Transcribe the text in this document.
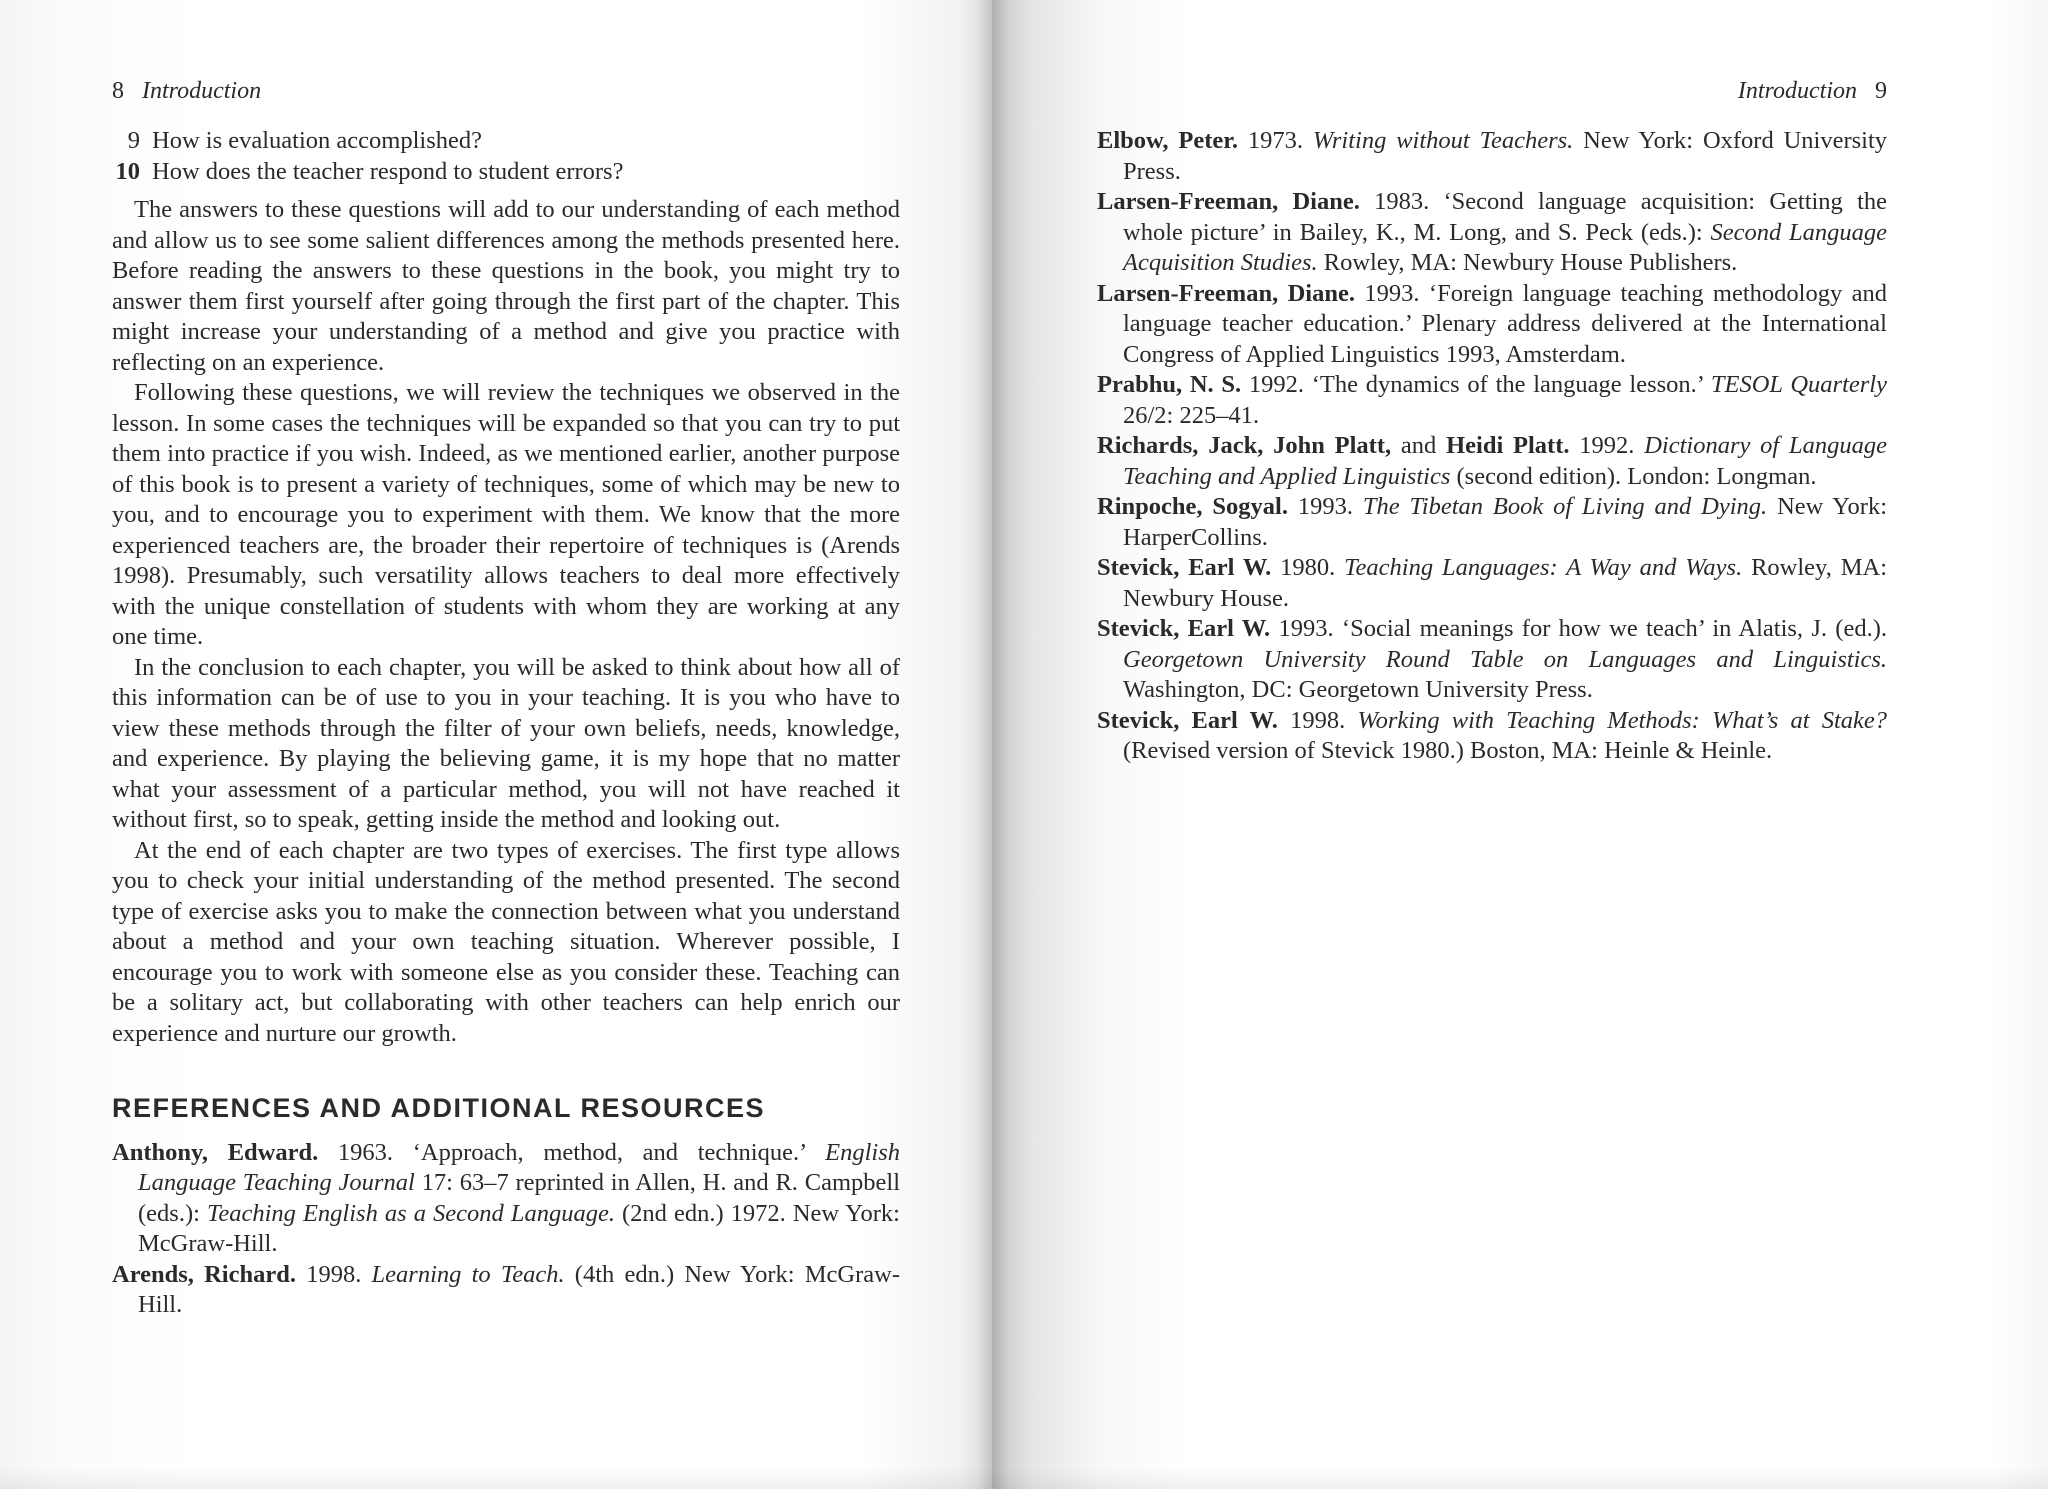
8 Introduction
9 How is evaluation accomplished?
10 How does the teacher respond to student errors?

The answers to these questions will add to our understanding of each method and allow us to see some salient differences among the methods presented here. Before reading the answers to these questions in the book, you might try to answer them first yourself after going through the first part of the chapter. This might increase your understanding of a method and give you practice with reflecting on an experience.

Following these questions, we will review the techniques we observed in the lesson. In some cases the techniques will be expanded so that you can try to put them into practice if you wish. Indeed, as we mentioned earlier, another purpose of this book is to present a variety of techniques, some of which may be new to you, and to encourage you to experiment with them. We know that the more experienced teachers are, the broader their repertoire of techniques is (Arends 1998). Presumably, such versatility allows teachers to deal more effectively with the unique constellation of students with whom they are working at any one time.

In the conclusion to each chapter, you will be asked to think about how all of this information can be of use to you in your teaching. It is you who have to view these methods through the filter of your own beliefs, needs, knowledge, and experience. By playing the believing game, it is my hope that no matter what your assessment of a particular method, you will not have reached it without first, so to speak, getting inside the method and looking out.

At the end of each chapter are two types of exercises. The first type allows you to check your initial understanding of the method presented. The second type of exercise asks you to make the connection between what you understand about a method and your own teaching situation. Wherever possible, I encourage you to work with someone else as you consider these. Teaching can be a solitary act, but collaborating with other teachers can help enrich our experience and nurture our growth.

REFERENCES AND ADDITIONAL RESOURCES

Anthony, Edward. 1963. ‘Approach, method, and technique.’ English Language Teaching Journal 17: 63–7 reprinted in Allen, H. and R. Campbell (eds.): Teaching English as a Second Language. (2nd edn.) 1972. New York: McGraw-Hill.

Arends, Richard. 1998. Learning to Teach. (4th edn.) New York: McGraw-Hill.

Introduction 9

Elbow, Peter. 1973. Writing without Teachers. New York: Oxford University Press.

Larsen-Freeman, Diane. 1983. ‘Second language acquisition: Getting the whole picture’ in Bailey, K., M. Long, and S. Peck (eds.): Second Language Acquisition Studies. Rowley, MA: Newbury House Publishers.

Larsen-Freeman, Diane. 1993. ‘Foreign language teaching methodology and language teacher education.’ Plenary address delivered at the International Congress of Applied Linguistics 1993, Amsterdam.

Prabhu, N. S. 1992. ‘The dynamics of the language lesson.’ TESOL Quarterly 26/2: 225–41.

Richards, Jack, John Platt, and Heidi Platt. 1992. Dictionary of Language Teaching and Applied Linguistics (second edition). London: Longman.

Rinpoche, Sogyal. 1993. The Tibetan Book of Living and Dying. New York: HarperCollins.

Stevick, Earl W. 1980. Teaching Languages: A Way and Ways. Rowley, MA: Newbury House.

Stevick, Earl W. 1993. ‘Social meanings for how we teach’ in Alatis, J. (ed.). Georgetown University Round Table on Languages and Linguistics. Washington, DC: Georgetown University Press.

Stevick, Earl W. 1998. Working with Teaching Methods: What’s at Stake? (Revised version of Stevick 1980.) Boston, MA: Heinle & Heinle.
